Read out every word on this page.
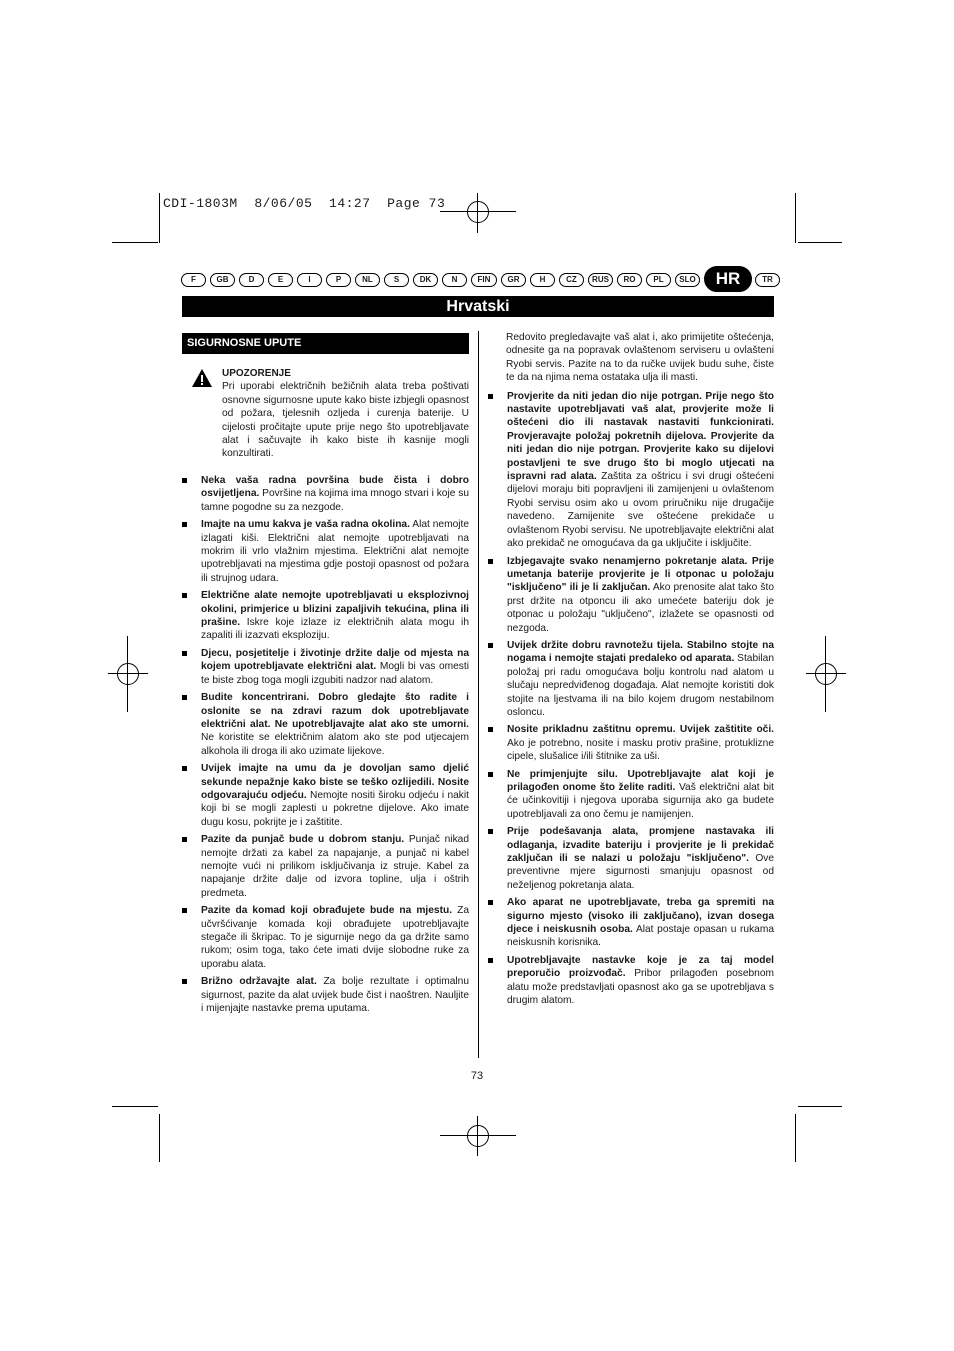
CDI-1803M  8/06/05  14:27  Page 73
F	GB	D	E	I	P	NL	S	DK	N	FIN	GR	H	CZ	RUS	RO	PL	SLO	HR	TR
Hrvatski
SIGURNOSNE UPUTE
UPOZORENJE
Pri uporabi električnih bežičnih alata treba poštivati osnovne sigurnosne upute kako biste izbjegli opasnost od požara, tjelesnih ozljeda i curenja baterije. U cijelosti pročitajte upute prije nego što upotrebljavate alat i sačuvajte ih kako biste ih kasnije mogli konzultirati.
Neka vaša radna površina bude čista i dobro osvijetljena. Površine na kojima ima mnogo stvari i koje su tamne pogodne su za nezgode.
Imajte na umu kakva je vaša radna okolina. Alat nemojte izlagati kiši. Električni alat nemojte upotrebljavati na mokrim ili vrlo vlažnim mjestima. Električni alat nemojte upotrebljavati na mjestima gdje postoji opasnost od požara ili strujnog udara.
Električne alate nemojte upotrebljavati u eksplozivnoj okolini, primjerice u blizini zapaljivih tekućina, plina ili prašine. Iskre koje izlaze iz električnih alata mogu ih zapaliti ili izazvati eksploziju.
Djecu, posjetitelje i životinje držite dalje od mjesta na kojem upotrebljavate električni alat. Mogli bi vas omesti te biste zbog toga mogli izgubiti nadzor nad alatom.
Budite koncentrirani. Dobro gledajte što radite i oslonite se na zdravi razum dok upotrebljavate električni alat. Ne upotrebljavajte alat ako ste umorni. Ne koristite se električnim alatom ako ste pod utjecajem alkohola ili droga ili ako uzimate lijekove.
Uvijek imajte na umu da je dovoljan samo djelić sekunde nepažnje kako biste se teško ozlijedili. Nosite odgovarajuću odjeću. Nemojte nositi široku odjeću i nakit koji bi se mogli zaplesti u pokretne dijelove. Ako imate dugu kosu, pokrijte je i zaštitite.
Pazite da punjač bude u dobrom stanju. Punjač nikad nemojte držati za kabel za napajanje, a punjač ni kabel nemojte vući ni prilikom isključivanja iz struje. Kabel za napajanje držite dalje od izvora topline, ulja i oštrih predmeta.
Pazite da komad koji obrađujete bude na mjestu. Za učvršćivanje komada koji obrađujete upotrebljavajte stegače ili škripac. To je sigurnije nego da ga držite samo rukom; osim toga, tako ćete imati dvije slobodne ruke za uporabu alata.
Brižno održavajte alat. Za bolje rezultate i optimalnu sigurnost, pazite da alat uvijek bude čist i naoštren. Nauljite i mijenjajte nastavke prema uputama.

Redovito pregledavajte vaš alat i, ako primijetite oštećenja, odnesite ga na popravak ovlaštenom serviseru u ovlašteni Ryobi servis. Pazite na to da ručke uvijek budu suhe, čiste te da na njima nema ostataka ulja ili masti.

Provjerite da niti jedan dio nije potrgan. Prije nego što nastavite upotrebljavati vaš alat, provjerite može li oštećeni dio ili nastavak nastaviti funkcionirati. Provjeravajte položaj pokretnih dijelova. Provjerite da niti jedan dio nije potrgan. Provjerite kako su dijelovi postavljeni te sve drugo što bi moglo utjecati na ispravni rad alata. Zaštita za oštricu i svi drugi oštećeni dijelovi moraju biti popravljeni ili zamijenjeni u ovlaštenom Ryobi servisu osim ako u ovom priručniku nije drugačije navedeno. Zamijenite sve oštećene prekidače u ovlaštenom Ryobi servisu. Ne upotrebljavajte električni alat ako prekidač ne omogućava da ga uključite i isključite.
Izbjegavajte svako nenamjerno pokretanje alata. Prije umetanja baterije provjerite je li otponac u položaju "isključeno" ili je li zaključan. Ako prenosite alat tako što prst držite na otponcu ili ako umećete bateriju dok je otponac u položaju "uključeno", izlažete se opasnosti od nezgoda.
Uvijek držite dobru ravnotežu tijela. Stabilno stojte na nogama i nemojte stajati predaleko od aparata. Stabilan položaj pri radu omogućava bolju kontrolu nad alatom u slučaju nepredviđenog događaja. Alat nemojte koristiti dok stojite na ljestvama ili na bilo kojem drugom nestabilnom osloncu.
Nosite prikladnu zaštitnu opremu. Uvijek zaštitite oči. Ako je potrebno, nosite i masku protiv prašine, protuklizne cipele, slušalice i/ili štitnike za uši.
Ne primjenjujte silu. Upotrebljavajte alat koji je prilagođen onome što želite raditi. Vaš električni alat bit će učinkovitiji i njegova uporaba sigurnija ako ga budete upotrebljavali za ono čemu je namijenjen.
Prije podešavanja alata, promjene nastavaka ili odlaganja, izvadite bateriju i provjerite je li prekidač zaključan ili se nalazi u položaju "isključeno". Ove preventivne mjere sigurnosti smanjuju opasnost od neželjenog pokretanja alata.
Ako aparat ne upotrebljavate, treba ga spremiti na sigurno mjesto (visoko ili zaključano), izvan dosega djece i neiskusnih osoba. Alat postaje opasan u rukama neiskusnih korisnika.
Upotrebljavajte nastavke koje je za taj model preporučio proizvođač. Pribor prilagođen posebnom alatu može predstavljati opasnost ako ga se upotrebljava s drugim alatom.
73
